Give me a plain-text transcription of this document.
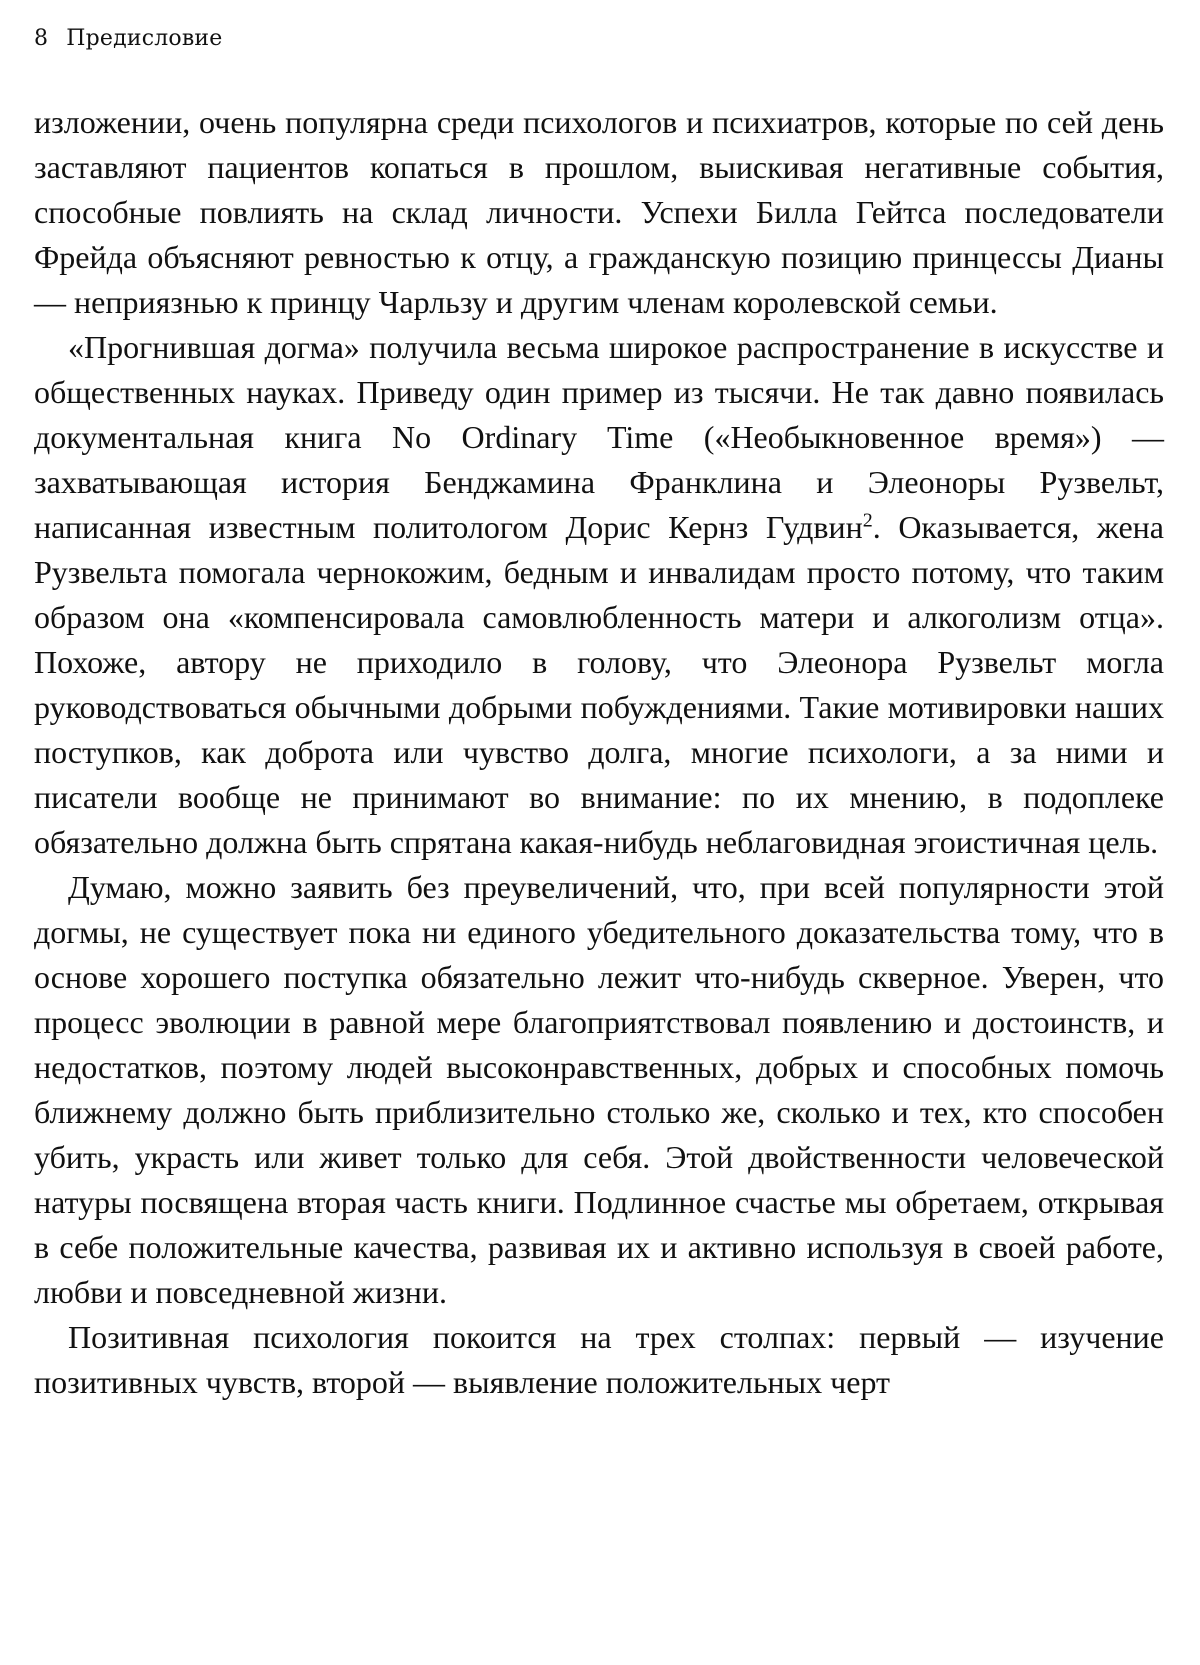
8 Предисловие

изложении, очень популярна среди психологов и психиатров, которые по сей день заставляют пациентов копаться в прошлом, выискивая негативные события, способные повлиять на склад личности. Успехи Билла Гейтса последователи Фрейда объясняют ревностью к отцу, а гражданскую позицию принцессы Дианы — неприязнью к принцу Чарльзу и другим членам королевской семьи.

«Прогнившая догма» получила весьма широкое распространение в искусстве и общественных науках. Приведу один пример из тысячи. Не так давно появилась документальная книга No Ordinary Time («Необыкновенное время») — захватывающая история Бенджамина Франклина и Элеоноры Рузвельт, написанная известным политологом Дорис Кернз Гудвин$^2$. Оказывается, жена Рузвельта помогала чернокожим, бедным и инвалидам просто потому, что таким образом она «компенсировала самовлюбленность матери и алкоголизм отца». Похоже, автору не приходило в голову, что Элеонора Рузвельт могла руководствоваться обычными добрыми побуждениями. Такие мотивировки наших поступков, как доброта или чувство долга, многие психологи, а за ними и писатели вообще не принимают во внимание: по их мнению, в подоплеке обязательно должна быть спрятана какая-нибудь неблаговидная эгоистичная цель.

Думаю, можно заявить без преувеличений, что, при всей популярности этой догмы, не существует пока ни единого убедительного доказательства тому, что в основе хорошего поступка обязательно лежит что-нибудь скверное. Уверен, что процесс эволюции в равной мере благоприятствовал появлению и достоинств, и недостатков, поэтому людей высоконравственных, добрых и способных помочь ближнему должно быть приблизительно столько же, сколько и тех, кто способен убить, украсть или живет только для себя. Этой двойственности человеческой натуры посвящена вторая часть книги. Подлинное счастье мы обретаем, открывая в себе положительные качества, развивая их и активно используя в своей работе, любви и повседневной жизни.

Позитивная психология покоится на трех столпах: первый — изучение позитивных чувств, второй — выявление положительных черт
